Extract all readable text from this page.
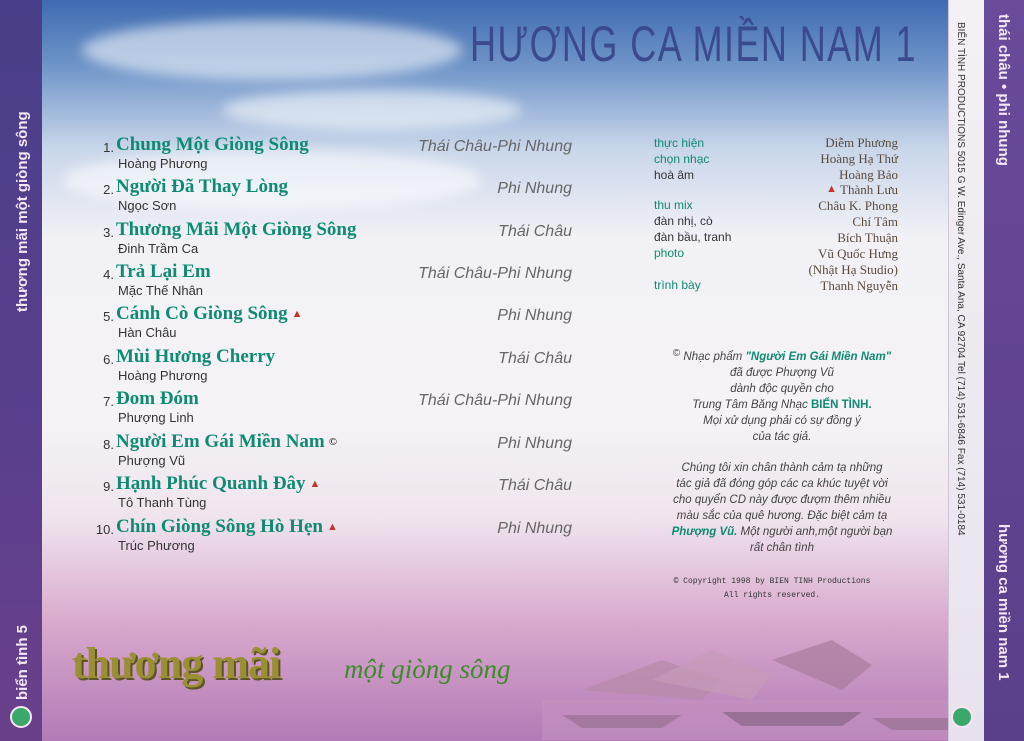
thương mãi một giòng sông
biển tình 5
HƯƠNG CA MIỀN NAM 1
1. Chung Một Giòng Sông
Hoàng Phương
Thái Châu-Phi Nhung
2. Người Đã Thay Lòng
Ngọc Sơn
Phi Nhung
3. Thương Mãi Một Giòng Sông
Đinh Trầm Ca
Thái Châu
4. Trả Lại Em
Mặc Thế Nhân
Thái Châu-Phi Nhung
5. Cánh Cò Giòng Sông ▲
Hàn Châu
Phi Nhung
6. Mùi Hương Cherry
Hoàng Phương
Thái Châu
7. Đom Đóm
Phượng Linh
Thái Châu-Phi Nhung
8. Người Em Gái Miền Nam ©
Phượng Vũ
Phi Nhung
9. Hạnh Phúc Quanh Đây ▲
Tô Thanh Tùng
Thái Châu
10. Chín Giòng Sông Hò Hẹn ▲
Trúc Phương
Phi Nhung
thực hiện
chọn nhạc
hoà âm
thu mix
đàn nhị, cò
đàn bầu, tranh
photo
trình bày
Diễm Phương
Hoàng Hạ Thứ
Hoàng Bảo
▲ Thành Lưu
Châu K. Phong
Chí Tâm
Bích Thuận
Vũ Quốc Hưng
(Nhật Hạ Studio)
Thanh Nguyễn
© Nhạc phẩm "Người Em Gái Miền Nam"
đã được Phượng Vũ
dành độc quyền cho
Trung Tâm Băng Nhạc BIỂN TÌNH.
Mọi xử dụng phải có sự đồng ý
của tác giả.
Chúng tôi xin chân thành cảm tạ những
tác giả đã đóng góp các ca khúc tuyệt vời
cho quyển CD này được đượm thêm nhiều
màu sắc của quê hương. Đặc biệt cảm tạ
Phượng Vũ. Một người anh,một người bạn
rất chân tình
© Copyright 1998 by BIEN TINH Productions
All rights reserved.
thương mãi một giòng sông
BIỂN TÌNH PRODUCTIONS 5015 G W. Edinger Ave., Santa Ana, CA 92704 Tel (714) 531-6846 Fax (714) 531-0184 thái châu • phi nhung
hương ca miền nam 1
